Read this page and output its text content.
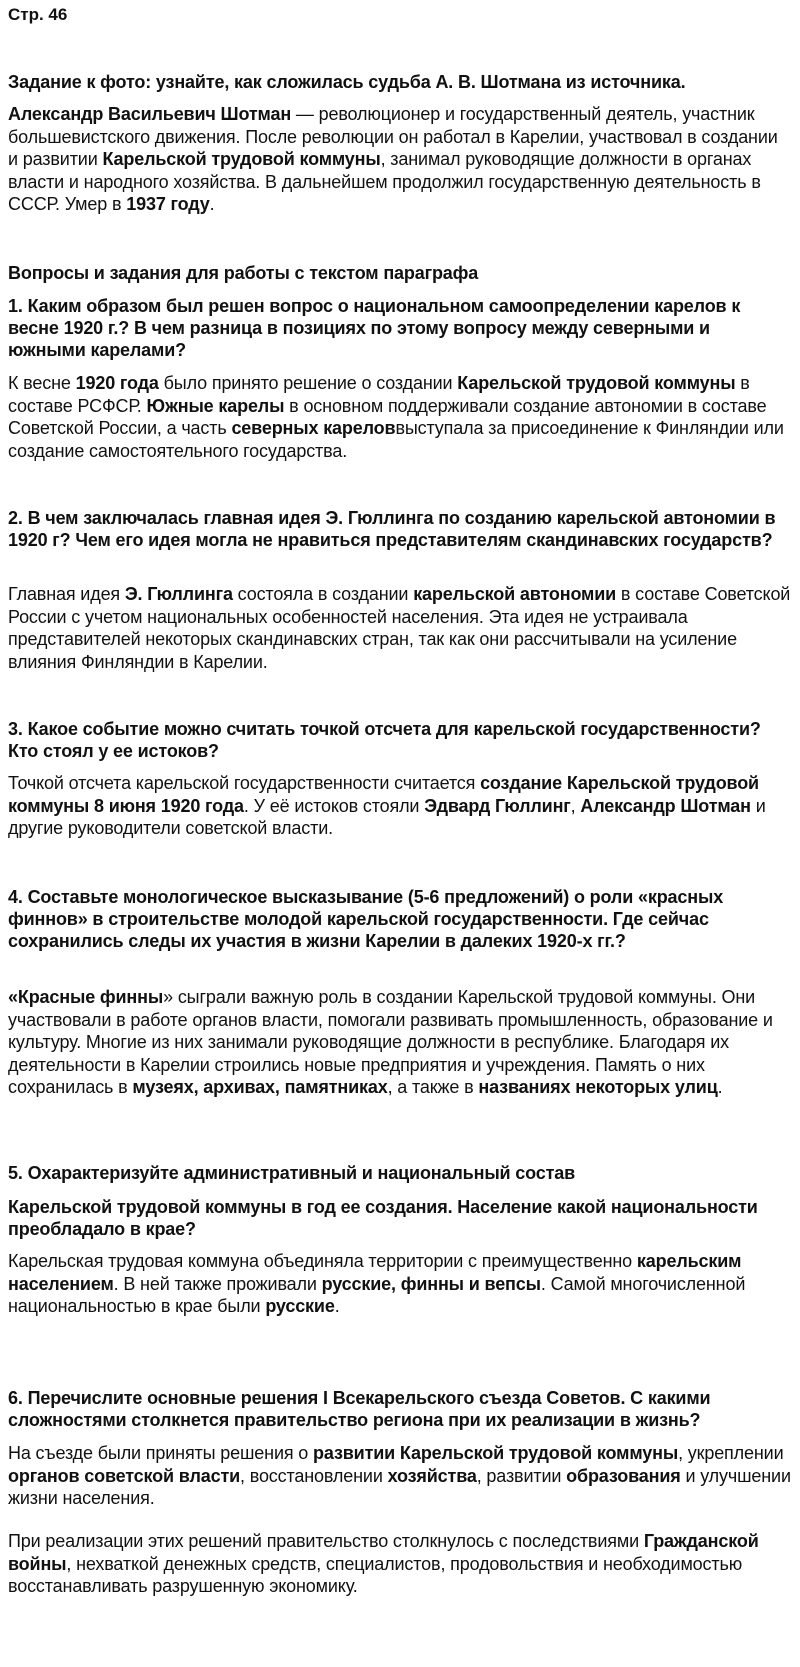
Стр. 46
Задание к фото: узнайте, как сложилась судьба А. В. Шотмана из источника.
Александр Васильевич Шотман — революционер и государственный деятель, участник большевистского движения. После революции он работал в Карелии, участвовал в создании и развитии Карельской трудовой коммуны, занимал руководящие должности в органах власти и народного хозяйства. В дальнейшем продолжил государственную деятельность в СССР. Умер в 1937 году.
Вопросы и задания для работы с текстом параграфа
1. Каким образом был решен вопрос о национальном самоопределении карелов к весне 1920 г.? В чем разница в позициях по этому вопросу между северными и южными карелами?
К весне 1920 года было принято решение о создании Карельской трудовой коммуны в составе РСФСР. Южные карелы в основном поддерживали создание автономии в составе Советской России, а часть северных кареловвыступала за присоединение к Финляндии или создание самостоятельного государства.
2. В чем заключалась главная идея Э. Гюллинга по созданию карельской автономии в 1920 г? Чем его идея могла не нравиться представителям скандинавских государств?
Главная идея Э. Гюллинга состояла в создании карельской автономии в составе Советской России с учетом национальных особенностей населения. Эта идея не устраивала представителей некоторых скандинавских стран, так как они рассчитывали на усиление влияния Финляндии в Карелии.
3. Какое событие можно считать точкой отсчета для карельской государственности? Кто стоял у ее истоков?
Точкой отсчета карельской государственности считается создание Карельской трудовой коммуны 8 июня 1920 года. У её истоков стояли Эдвард Гюллинг, Александр Шотман и другие руководители советской власти.
4. Составьте монологическое высказывание (5-6 предложений) о роли «красных финнов» в строительстве молодой карельской государственности. Где сейчас сохранились следы их участия в жизни Карелии в далеких 1920-х гг.?
«Красные финны» сыграли важную роль в создании Карельской трудовой коммуны. Они участвовали в работе органов власти, помогали развивать промышленность, образование и культуру. Многие из них занимали руководящие должности в республике. Благодаря их деятельности в Карелии строились новые предприятия и учреждения. Память о них сохранилась в музеях, архивах, памятниках, а также в названиях некоторых улиц.
5. Охарактеризуйте административный и национальный состав
Карельской трудовой коммуны в год ее создания. Население какой национальности преобладало в крае?
Карельская трудовая коммуна объединяла территории с преимущественно карельским населением. В ней также проживали русские, финны и вепсы. Самой многочисленной национальностью в крае были русские.
6. Перечислите основные решения I Всекарельского съезда Советов. С какими сложностями столкнется правительство региона при их реализации в жизнь?
На съезде были приняты решения о развитии Карельской трудовой коммуны, укреплении органов советской власти, восстановлении хозяйства, развитии образования и улучшении жизни населения.
При реализации этих решений правительство столкнулось с последствиями Гражданской войны, нехваткой денежных средств, специалистов, продовольствия и необходимостью восстанавливать разрушенную экономику.
